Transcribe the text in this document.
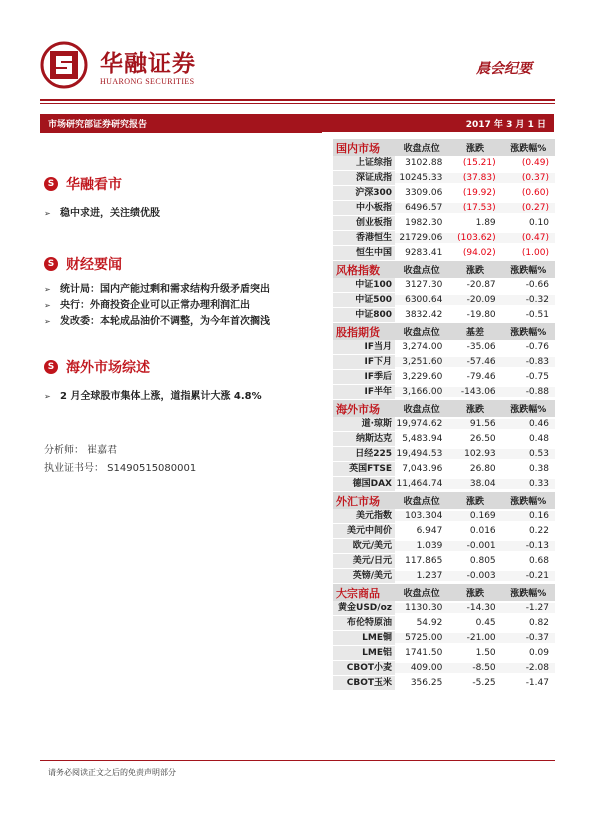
华融证券
HUARONG SECURITIES
晨会纪要
市场研究部证券研究报告	2017 年 3 月 1 日
S 华融看市
➢ 稳中求进，关注绩优股
S 财经要闻
➢ 统计局：国内产能过剩和需求结构升级矛盾突出
➢ 央行：外商投资企业可以正常办理利润汇出
➢ 发改委：本轮成品油价不调整，为今年首次搁浅
S 海外市场综述
➢ 2 月全球股市集体上涨，道指累计大涨 4.8%
分析师： 崔嘉君
执业证书号： S1490515080001
国内市场	收盘点位	涨跌	涨跌幅%
上证综指	3102.88	(15.21)	(0.49)
深证成指 10245.33	(37.83)	(0.37)
沪深300	3309.06	(19.92)	(0.60)
中小板指	6496.57	(17.53)	(0.27)
创业板指	1982.30	1.89	0.10
香港恒生 21729.06	(103.62)	(0.47)
恒生中国	9283.41	(94.02)	(1.00)
风格指数	收盘点位	涨跌	涨跌幅%
中证100	3127.30	-20.87	-0.66
中证500	6300.64	-20.09	-0.32
中证800	3832.42	-19.80	-0.51
股指期货	收盘点位	基差	涨跌幅%
IF当月	3,274.00	-35.06	-0.76
IF下月	3,251.60	-57.46	-0.83
IF季后	3,229.60	-79.46	-0.75
IF半年	3,166.00	-143.06	-0.88
海外市场	收盘点位	涨跌	涨跌幅%
道·琼斯 19,974.62	91.56	0.46
纳斯达克	5,483.94	26.50	0.48
日经225 19,494.53	102.93	0.53
英国FTSE	7,043.96	26.80	0.38
德国DAX 11,464.74	38.04	0.33
外汇市场	收盘点位	涨跌	涨跌幅%
美元指数	103.304	0.169	0.16
美元中间价	6.947	0.016	0.22
欧元/美元	1.039	-0.001	-0.13
美元/日元	117.865	0.805	0.68
英镑/美元	1.237	-0.003	-0.21
大宗商品	收盘点位	涨跌	涨跌幅%
黄金USD/oz	1130.30	-14.30	-1.27
布伦特原油	54.92	0.45	0.82
LME铜	5725.00	-21.00	-0.37
LME铝	1741.50	1.50	0.09
CBOT小麦	409.00	-8.50	-2.08
CBOT玉米	356.25	-5.25	-1.47
请务必阅读正文之后的免责声明部分
